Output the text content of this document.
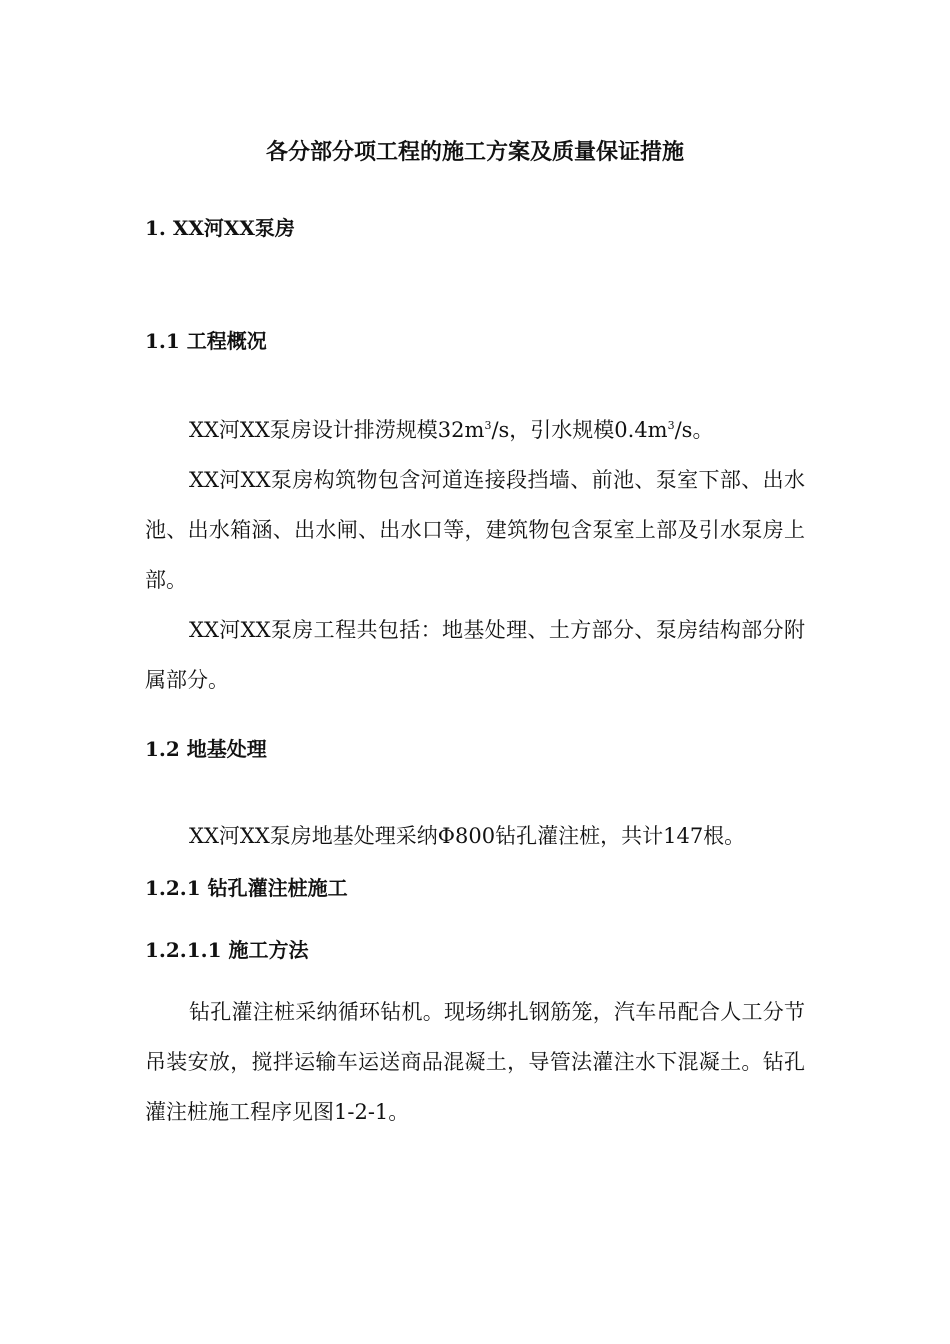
各分部分项工程的施工方案及质量保证措施
1. XX河XX泵房
1.1 工程概况
XX河XX泵房设计排涝规模$32m^3/s$，引水规模$0.4m^3/s$。
XX河XX泵房构筑物包含河道连接段挡墙、前池、泵室下部、出水池、出水箱涵、出水闸、出水口等，建筑物包含泵室上部及引水泵房上部。
XX河XX泵房工程共包括：地基处理、土方部分、泵房结构部分附属部分。
1.2 地基处理
XX河XX泵房地基处理采纳Φ800钻孔灌注桩，共计147根。
1.2.1 钻孔灌注桩施工
1.2.1.1 施工方法
钻孔灌注桩采纳循环钻机。现场绑扎钢筋笼，汽车吊配合人工分节吊装安放，搅拌运输车运送商品混凝土，导管法灌注水下混凝土。钻孔灌注桩施工程序见图1-2-1。
